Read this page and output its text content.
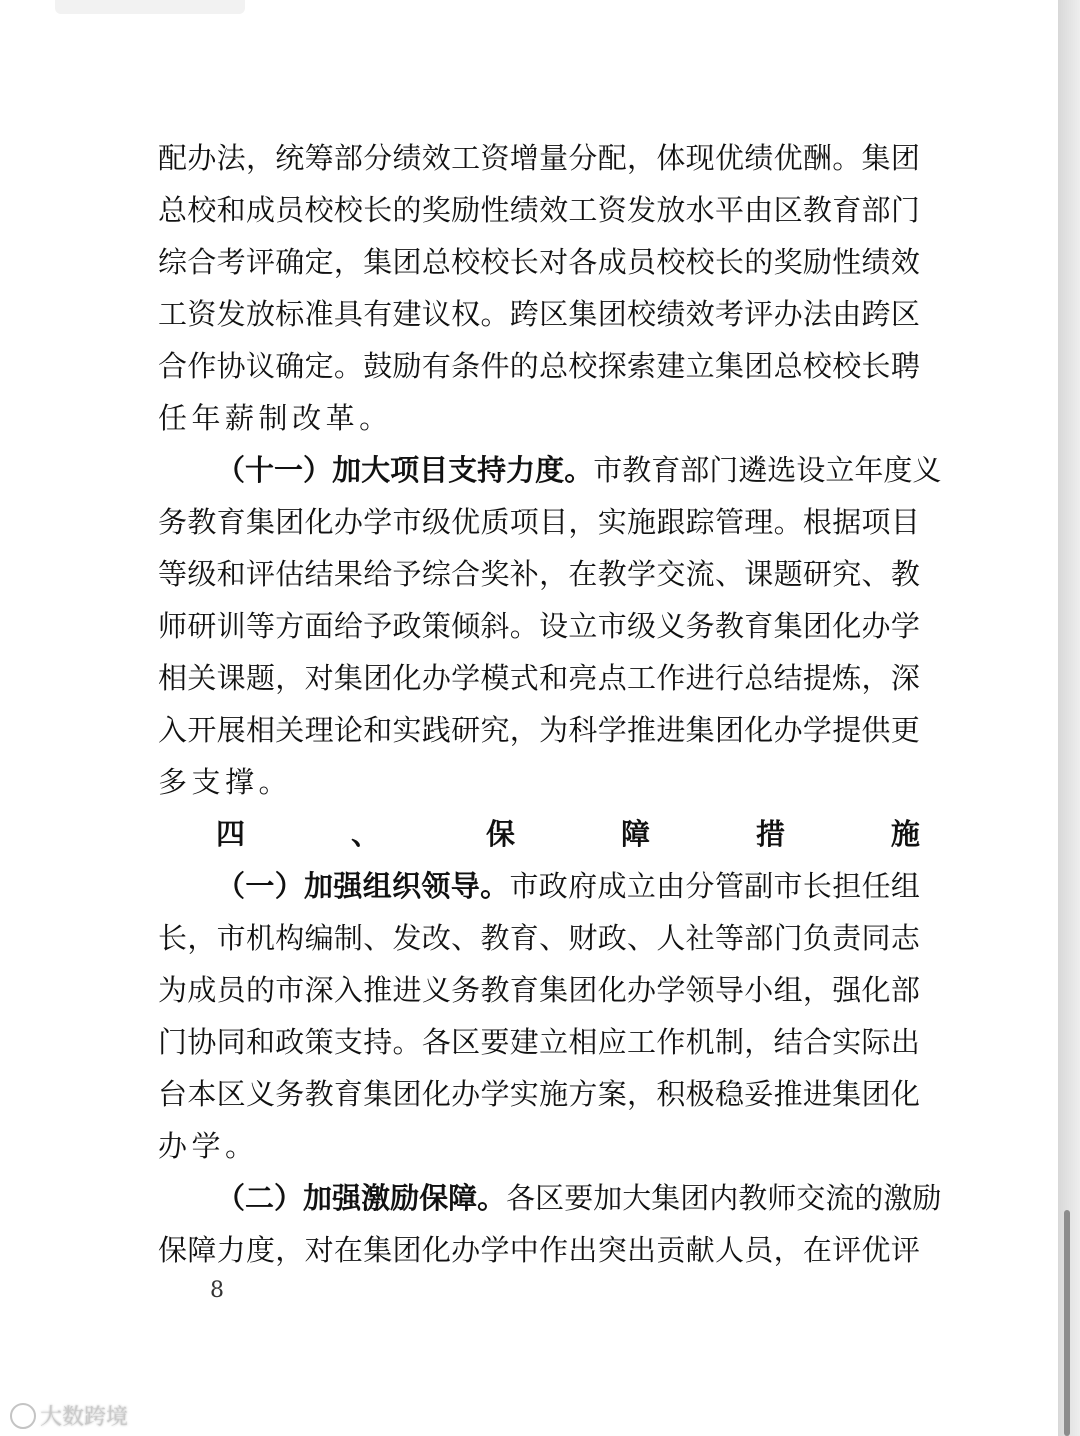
配 办 法 ， 统 筹 部 分 绩 效 工 资 增 量 分 配 ， 体 现 优 绩 优 酬 。 集 团
总 校 和 成 员 校 校 长 的 奖 励 性 绩 效 工 资 发 放 水 平 由 区 教 育 部 门
综 合 考 评 确 定 ， 集 团 总 校 校 长 对 各 成 员 校 校 长 的 奖 励 性 绩 效
工 资 发 放 标 准 具 有 建 议 权 。 跨 区 集 团 校 绩 效 考 评 办 法 由 跨 区
合 作 协 议 确 定 。 鼓 励 有 条 件 的 总 校 探 索 建 立 集 团 总 校 校 长 聘
任 年 薪 制 改 革 。
（ 十 一 ） 加 大 项 目 支 持 力 度 。 市 教 育 部 门 遴 选 设 立 年 度 义
务 教 育 集 团 化 办 学 市 级 优 质 项 目 ， 实 施 跟 踪 管 理 。 根 据 项 目
等 级 和 评 估 结 果 给 予 综 合 奖 补 ， 在 教 学 交 流 、 课 题 研 究 、 教
师 研 训 等 方 面 给 予 政 策 倾 斜 。 设 立 市 级 义 务 教 育 集 团 化 办 学
相 关 课 题 ， 对 集 团 化 办 学 模 式 和 亮 点 工 作 进 行 总 结 提 炼 ， 深
入 开 展 相 关 理 论 和 实 践 研 究 ， 为 科 学 推 进 集 团 化 办 学 提 供 更
多 支 撑 。
四	、	保	障	措	施
（ 一 ） 加 强 组 织 领 导 。 市 政 府 成 立 由 分 管 副 市 长 担 任 组
长 ， 市 机 构 编 制 、 发 改 、 教 育 、 财 政 、 人 社 等 部 门 负 责 同 志
为 成 员 的 市 深 入 推 进 义 务 教 育 集 团 化 办 学 领 导 小 组 ， 强 化 部
门 协 同 和 政 策 支 持 。 各 区 要 建 立 相 应 工 作 机 制 ， 结 合 实 际 出
台 本 区 义 务 教 育 集 团 化 办 学 实 施 方 案 ， 积 极 稳 妥 推 进 集 团 化
办 学 。
（ 二 ） 加 强 激 励 保 障 。 各 区 要 加 大 集 团 内 教 师 交 流 的 激 励
保 障 力 度 ， 对 在 集 团 化 办 学 中 作 出 突 出 贡 献 人 员 ， 在 评 优 评
8
大数跨境
